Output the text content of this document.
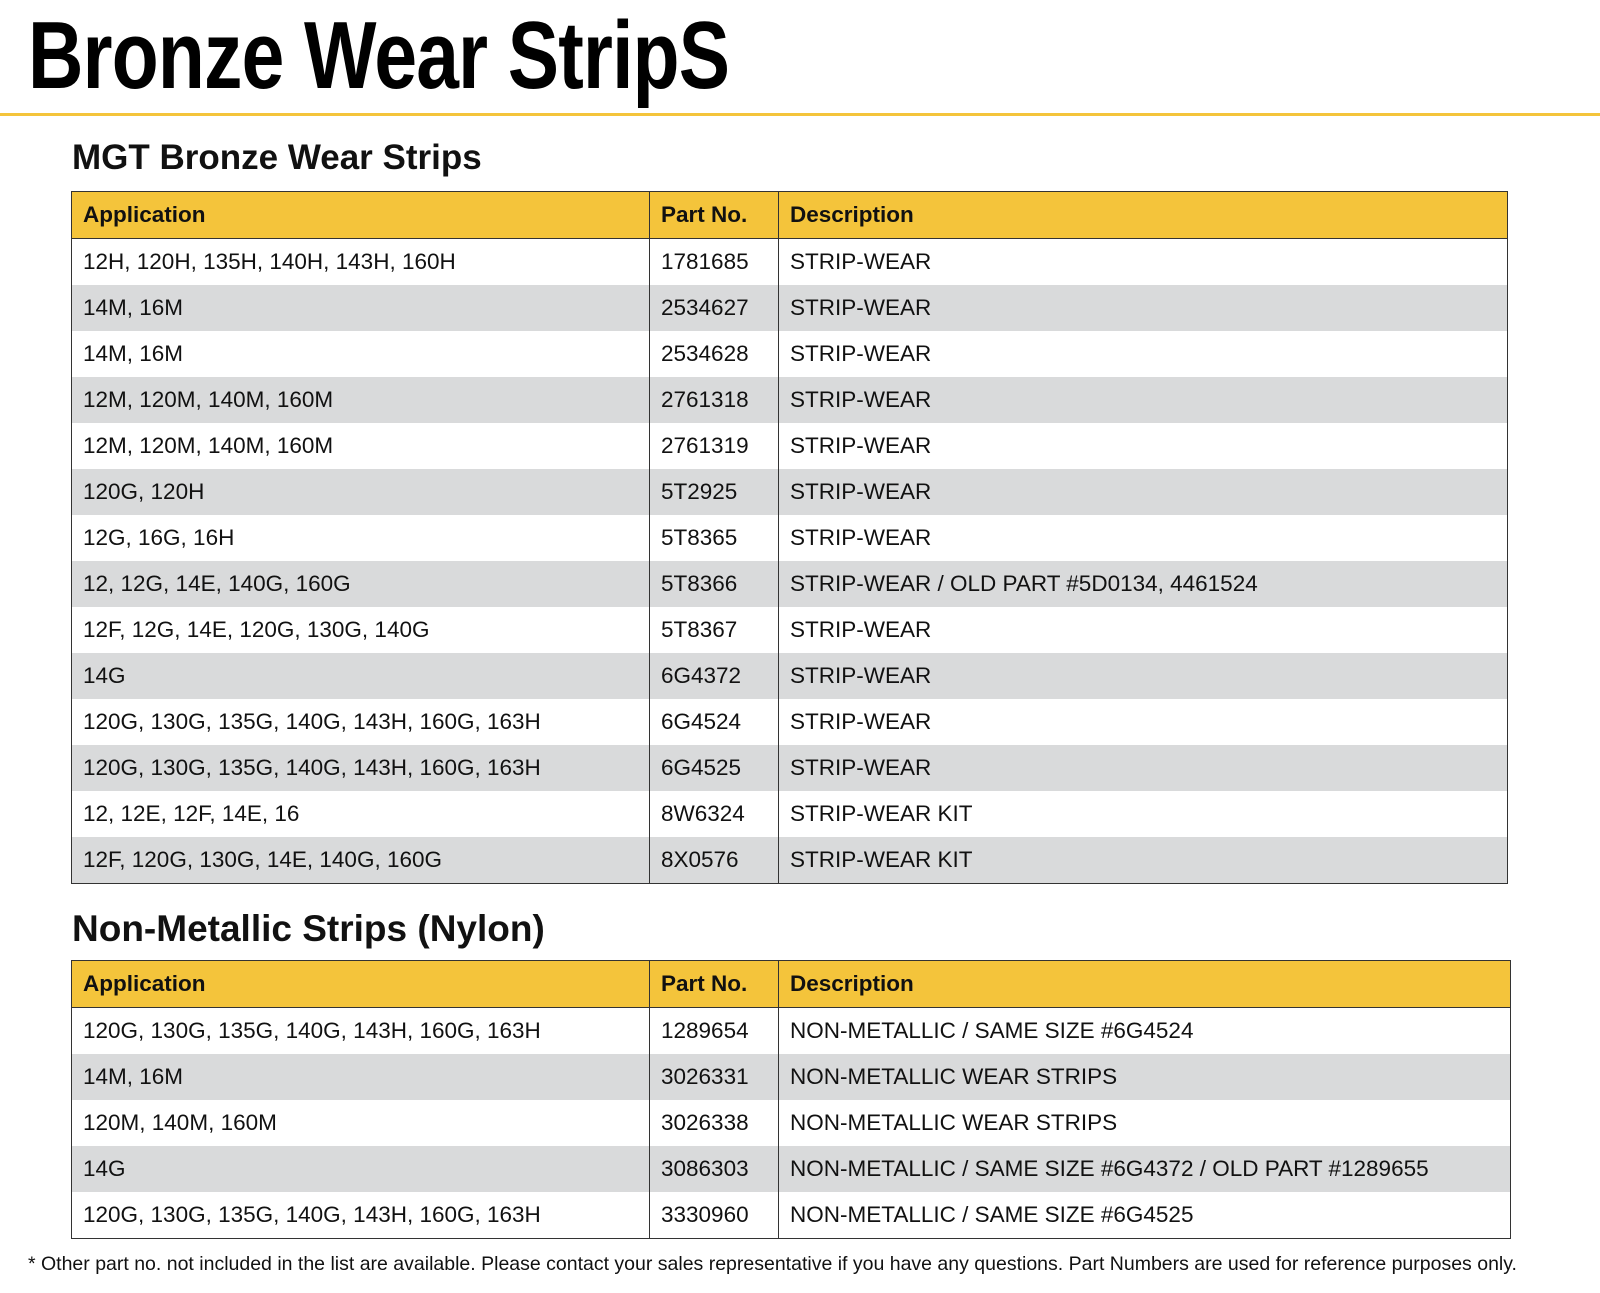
Bronze Wear StripS
MGT Bronze Wear Strips
Application	Part No.	Description
12H, 120H, 135H, 140H, 143H, 160H	1781685	STRIP-WEAR
14M, 16M	2534627	STRIP-WEAR
14M, 16M	2534628	STRIP-WEAR
12M, 120M, 140M, 160M	2761318	STRIP-WEAR
12M, 120M, 140M, 160M	2761319	STRIP-WEAR
120G, 120H	5T2925	STRIP-WEAR
12G, 16G, 16H	5T8365	STRIP-WEAR
12, 12G, 14E, 140G, 160G	5T8366	STRIP-WEAR / OLD PART #5D0134, 4461524
12F, 12G, 14E, 120G, 130G, 140G	5T8367	STRIP-WEAR
14G	6G4372	STRIP-WEAR
120G, 130G, 135G, 140G, 143H, 160G, 163H	6G4524	STRIP-WEAR
120G, 130G, 135G, 140G, 143H, 160G, 163H	6G4525	STRIP-WEAR
12, 12E, 12F, 14E, 16	8W6324	STRIP-WEAR KIT
12F, 120G, 130G, 14E, 140G, 160G	8X0576	STRIP-WEAR KIT
Non-Metallic Strips (Nylon)
Application	Part No.	Description
120G, 130G, 135G, 140G, 143H, 160G, 163H	1289654	NON-METALLIC / SAME SIZE #6G4524
14M, 16M	3026331	NON-METALLIC WEAR STRIPS
120M, 140M, 160M	3026338	NON-METALLIC WEAR STRIPS
14G	3086303	NON-METALLIC / SAME SIZE #6G4372 / OLD PART #1289655
120G, 130G, 135G, 140G, 143H, 160G, 163H	3330960	NON-METALLIC / SAME SIZE #6G4525

* Other part no. not included in the list are available. Please contact your sales representative if you have any questions. Part Numbers are used for reference purposes only.
